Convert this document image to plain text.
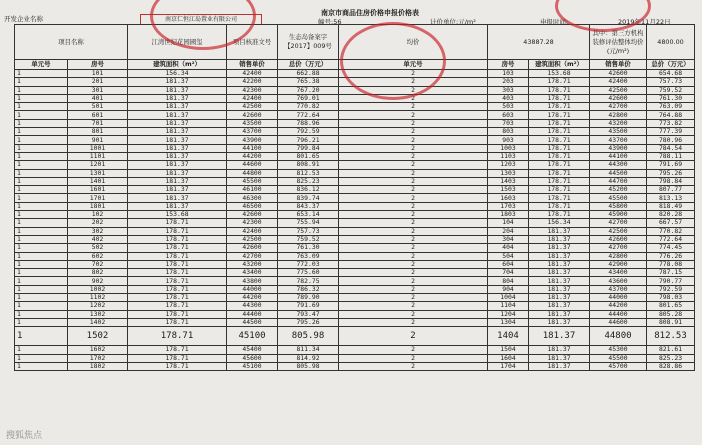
开发企业名称	南京仁恒江岛置业有限公司
南京市商品住房价格申报价格表
幢号:56	计价单位:元/m²	申报时间:	2019年11月22日
项目名称		江湾世纪花园國玺	项目核准文号	生态岛备案字【2017】009号	均价	43887.28		其中：第三方机构装修评估整体均价(元/m²)	4800.00
单元号	房号	建筑面积（m²）	销售单价	总价（万元）	单元号	房号	建筑面积（m²）	销售单价	总价（万元）
1	101	156.34	42400	662.88	2	103	153.68	42600	654.68
1	201	181.37	42200	765.38	2	203	178.71	42400	757.73
1	301	181.37	42300	767.20	2	303	178.71	42500	759.52
1	401	181.37	42400	769.01	2	403	178.71	42600	761.30
1	501	181.37	42500	770.82	2	503	178.71	42700	763.09
1	601	181.37	42600	772.64	2	603	178.71	42800	764.88
1	701	181.37	43500	788.96	2	703	178.71	43200	773.82
1	801	181.37	43700	792.59	2	803	178.71	43500	777.39
1	901	181.37	43900	796.21	2	903	178.71	43700	780.96
1	1001	181.37	44100	799.84	2	1003	178.71	43900	784.54
1	1101	181.37	44200	801.65	2	1103	178.71	44100	788.11
1	1201	181.37	44600	808.91	2	1203	178.71	44300	791.69
1	1301	181.37	44800	812.53	2	1303	178.71	44500	795.26
1	1401	181.37	45500	825.23	2	1403	178.71	44700	798.84
1	1601	181.37	46100	836.12	2	1503	178.71	45200	807.77
1	1701	181.37	46300	839.74	2	1603	178.71	45500	813.13
1	1801	181.37	46500	843.37	2	1703	178.71	45800	818.49
1	102	153.68	42600	653.14	2	1803	178.71	45900	820.28
1	202	178.71	42300	755.94	2	104	156.34	42700	667.57
1	302	178.71	42400	757.73	2	204	181.37	42500	770.82
1	402	178.71	42500	759.52	2	304	181.37	42600	772.64
1	502	178.71	42600	761.30	2	404	181.37	42700	774.45
1	602	178.71	42700	763.09	2	504	181.37	42800	776.26
1	702	178.71	43200	772.03	2	604	181.37	42900	778.08
1	802	178.71	43400	775.60	2	704	181.37	43400	787.15
1	902	178.71	43800	782.75	2	804	181.37	43600	790.77
1	1002	178.71	44000	786.32	2	904	181.37	43700	792.59
1	1102	178.71	44200	789.90	2	1004	181.37	44000	798.03
1	1202	178.71	44300	791.69	2	1104	181.37	44200	801.65
1	1302	178.71	44400	793.47	2	1204	181.37	44400	805.28
1	1402	178.71	44500	795.26	2	1304	181.37	44600	808.91
1	1502	178.71	45100	805.98	2	1404	181.37	44800	812.53
1	1602	178.71	45400	811.34	2	1504	181.37	45300	821.61
1	1702	178.71	45600	814.92	2	1604	181.37	45500	825.23
1	1802	178.71	45100	805.98	2	1704	181.37	45700	828.86
搜狐焦点
